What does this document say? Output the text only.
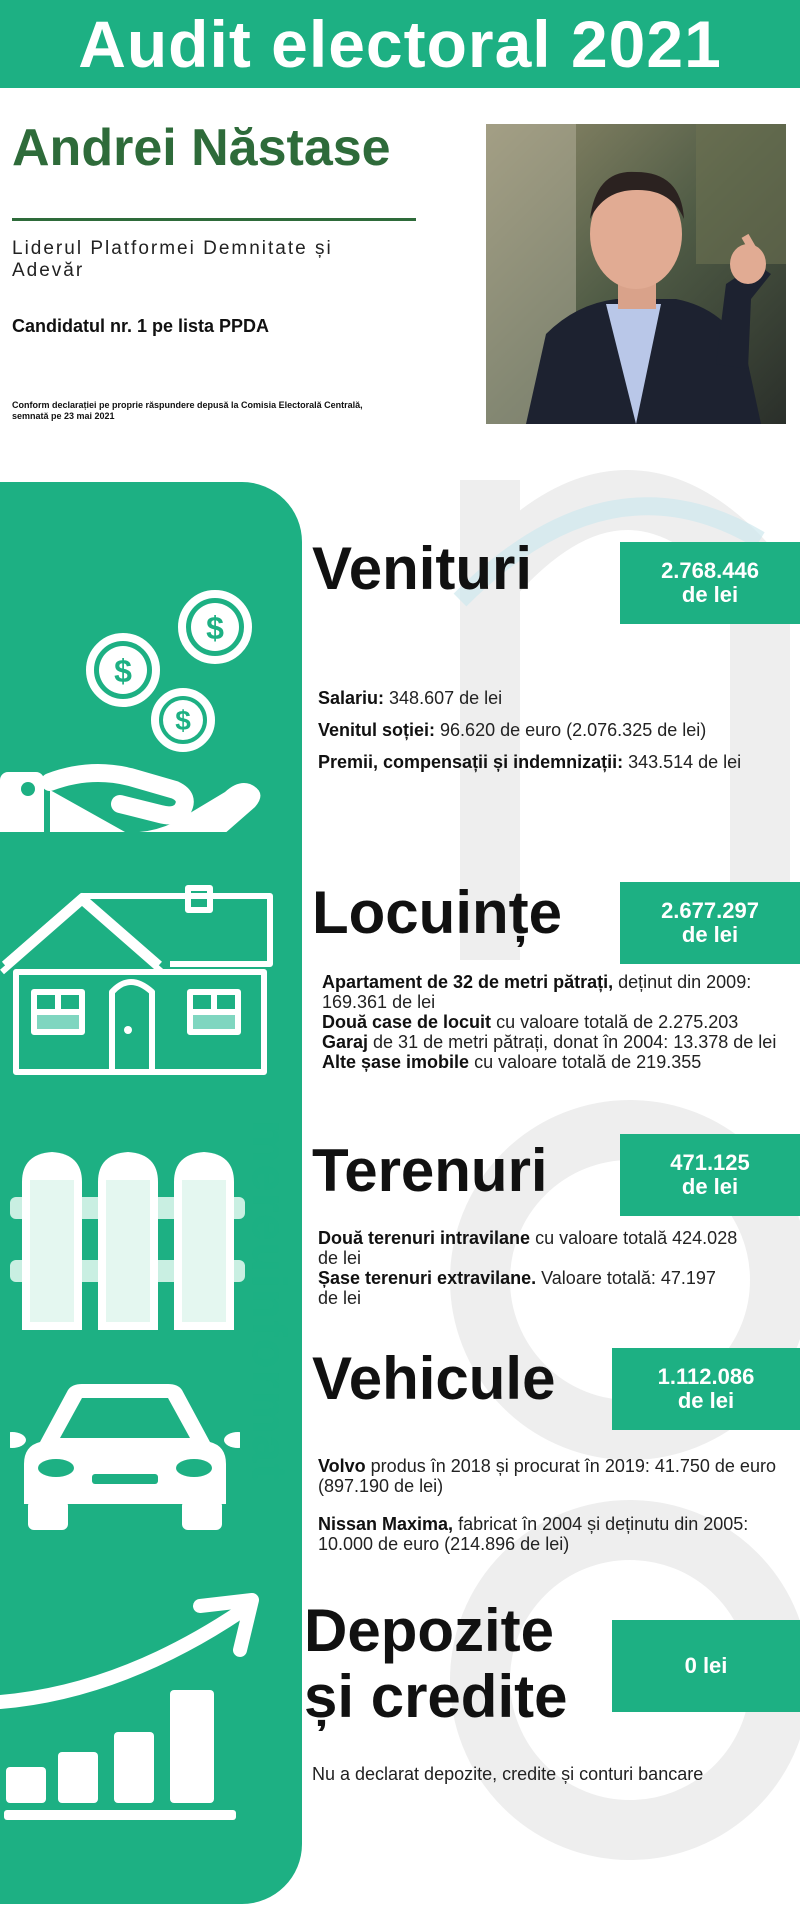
Audit electoral 2021
Andrei Năstase
Liderul Platformei Demnitate și Adevăr
Candidatul nr. 1 pe lista PPDA
Conform declarației pe proprie răspundere depusă la Comisia Electorală Centrală, semnată pe 23 mai 2021
$
$
$
mereuinformat
Venituri	2.768.446
de lei
Salariu: 348.607 de lei
Venitul soției: 96.620 de euro (2.076.325 de lei)
Premii, compensații și indemnizații: 343.514 de lei
Locuințe	2.677.297
de lei
Apartament de 32 de metri pătrați, deținut din 2009: 169.361 de lei
Două case de locuit cu valoare totală de 2.275.203
Garaj de 31 de metri pătrați, donat în 2004: 13.378 de lei
Alte șase imobile cu valoare totală de 219.355
Terenuri	471.125
de lei
Două terenuri intravilane cu valoare totală 424.028 de lei
Șase terenuri extravilane. Valoare totală: 47.197
de lei
Vehicule	1.112.086
de lei
Volvo produs în 2018 și procurat în 2019: 41.750 de euro (897.190 de lei)
Nissan Maxima, fabricat în 2004 și deținutu din 2005: 10.000 de euro (214.896 de lei)
Depozite
și credite	0 lei
Nu a declarat depozite, credite și conturi bancare
